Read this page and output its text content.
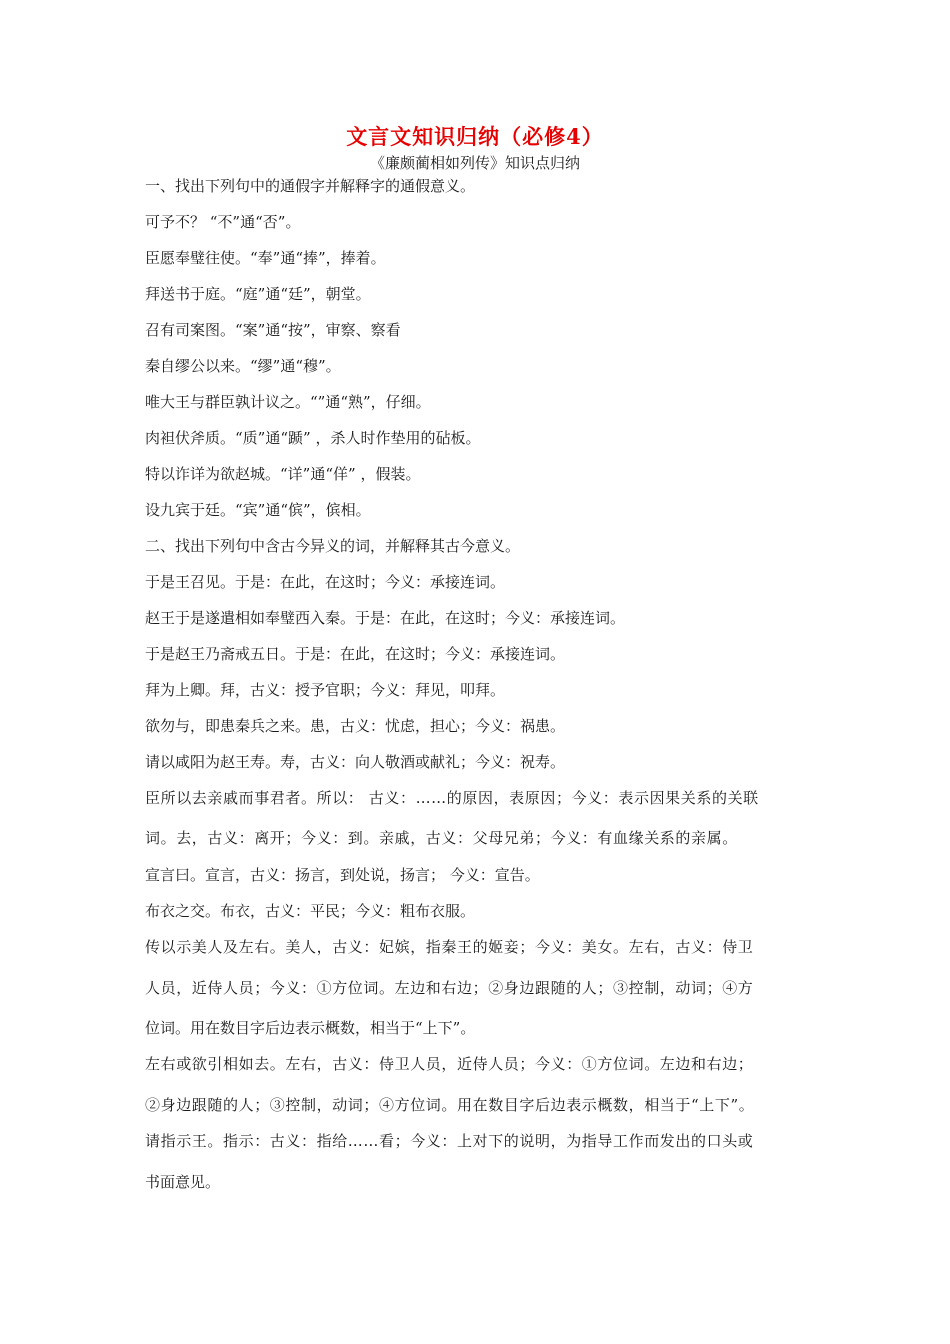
文言文知识归纳（必修4）
《廉颇蔺相如列传》知识点归纳
一、找出下列句中的通假字并解释字的通假意义。
可予不？ “不”通“否”。
臣愿奉璧往使。“奉”通“捧”，捧着。
拜送书于庭。“庭”通“廷”，朝堂。
召有司案图。“案”通“按”，审察、察看
秦自缪公以来。“缪”通“穆”。
唯大王与群臣孰计议之。“”通“熟”，仔细。
肉袒伏斧质。“质”通“踬” ，杀人时作垫用的砧板。
特以诈详为欲赵城。“详”通“佯” ，假装。
设九宾于廷。“宾”通“傧”，傧相。
二、找出下列句中含古今异义的词，并解释其古今意义。
于是王召见。于是：在此，在这时；今义：承接连词。
赵王于是遂遣相如奉璧西入秦。于是：在此，在这时；今义：承接连词。
于是赵王乃斋戒五日。于是：在此，在这时；今义：承接连词。
拜为上卿。拜，古义：授予官职；今义：拜见，叩拜。
欲勿与，即患秦兵之来。患，古义：忧虑，担心；今义：祸患。
请以咸阳为赵王寿。寿，古义：向人敬酒或献礼；今义：祝寿。
臣所以去亲戚而事君者。所以： 古义：……的原因，表原因；今义：表示因果关系的关联
词。去，古义：离开；今义：到。亲戚，古义：父母兄弟；今义：有血缘关系的亲属。
宣言曰。宣言，古义：扬言，到处说，扬言； 今义：宣告。
布衣之交。布衣，古义：平民；今义：粗布衣服。
传以示美人及左右。美人，古义：妃嫔，指秦王的姬妾；今义：美女。左右，古义：侍卫
人员，近侍人员；今义：①方位词。左边和右边；②身边跟随的人；③控制，动词；④方
位词。用在数目字后边表示概数，相当于“上下”。
左右或欲引相如去。左右，古义：侍卫人员，近侍人员；今义：①方位词。左边和右边；
②身边跟随的人；③控制，动词；④方位词。用在数目字后边表示概数，相当于“上下”。
请指示王。指示：古义：指给……看；今义：上对下的说明，为指导工作而发出的口头或
书面意见。
